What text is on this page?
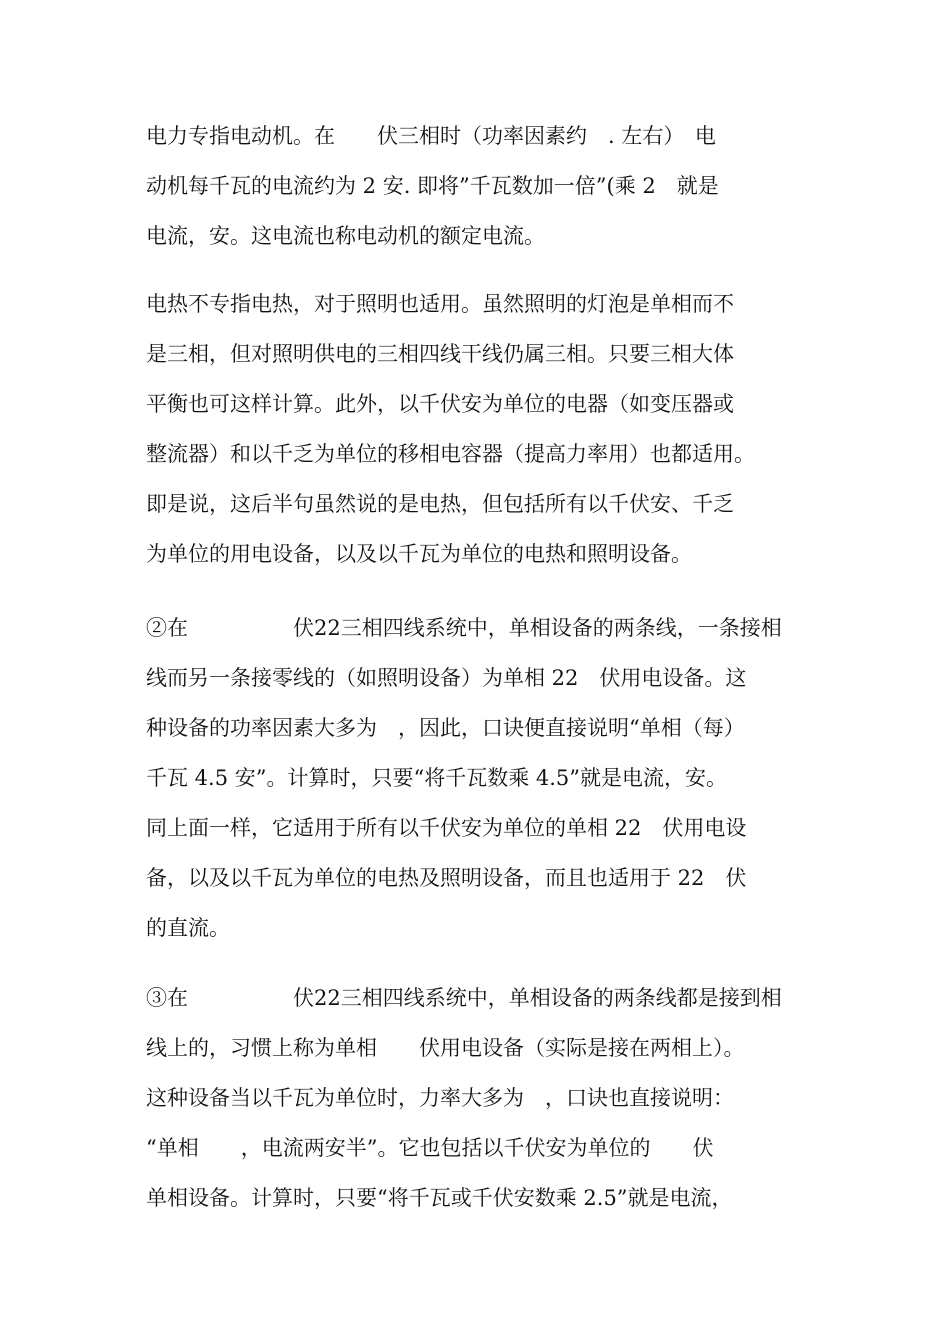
电力专指电动机。在　　伏三相时（功率因素约　. 左右）　电
动机每千瓦的电流约为 2 安. 即将”千瓦数加一倍”(乘 2　就是
电流，安。这电流也称电动机的额定电流。
电热不专指电热，对于照明也适用。虽然照明的灯泡是单相而不
是三相，但对照明供电的三相四线干线仍属三相。只要三相大体
平衡也可这样计算。此外，以千伏安为单位的电器（如变压器或
整流器）和以千乏为单位的移相电容器（提高力率用）也都适用。
即是说，这后半句虽然说的是电热，但包括所有以千伏安、千乏
为单位的用电设备，以及以千瓦为单位的电热和照明设备。
②在　　　　　伏22三相四线系统中，单相设备的两条线，一条接相
线而另一条接零线的（如照明设备）为单相 22　伏用电设备。这
种设备的功率因素大多为　，因此，口诀便直接说明“单相（每）
千瓦 4.5 安”。计算时，只要“将千瓦数乘 4.5”就是电流，安。
同上面一样，它适用于所有以千伏安为单位的单相 22　伏用电设
备，以及以千瓦为单位的电热及照明设备，而且也适用于 22　伏
的直流。
③在　　　　　伏22三相四线系统中，单相设备的两条线都是接到相
线上的，习惯上称为单相　　伏用电设备（实际是接在两相上）。
这种设备当以千瓦为单位时，力率大多为　，口诀也直接说明：
“单相　　，电流两安半”。它也包括以千伏安为单位的　　伏
单相设备。计算时，只要“将千瓦或千伏安数乘 2.5”就是电流，
